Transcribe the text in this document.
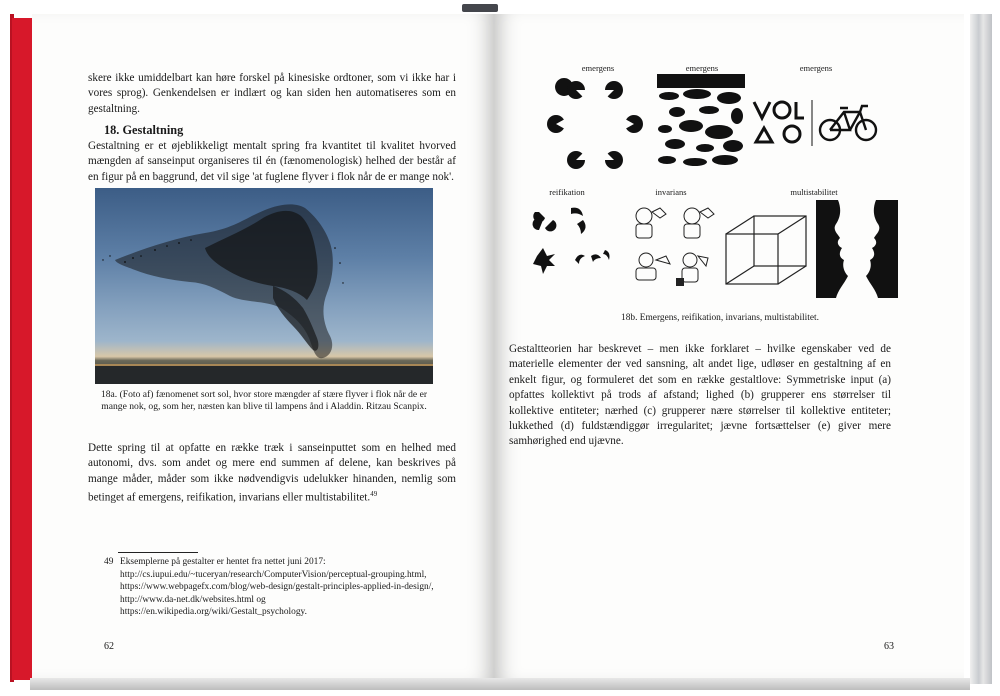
skere ikke umiddelbart kan høre forskel på kinesiske ordtoner, som vi ikke har i vores sprog). Genkendelsen er indlært og kan siden hen automatiseres som en gestaltning.

18. Gestaltning

Gestaltning er et øjeblikkeligt mentalt spring fra kvantitet til kvalitet hvorved mængden af sanseinput organiseres til én (fænomenologisk) helhed der består af en figur på en baggrund, det vil sige 'at fuglene flyver i flok når de er mange nok'.

18a. (Foto af) fænomenet sort sol, hvor store mængder af stære flyver i flok når de er mange nok, og, som her, næsten kan blive til lampens ånd i Aladdin. Ritzau Scanpix.

Dette spring til at opfatte en række træk i sanseinputtet som en helhed med autonomi, dvs. som andet og mere end summen af delene, kan beskrives på mange måder, måder som ikke nødvendigvis udelukker hinanden, nemlig som betinget af emergens, reifikation, invarians eller multistabilitet.$^{49}$

49 Eksemplerne på gestalter er hentet fra nettet juni 2017:
http://cs.iupui.edu/~tuceryan/research/ComputerVision/perceptual-grouping.html,
https://www.webpagefx.com/blog/web-design/gestalt-principles-applied-in-design/,
http://www.da-net.dk/websites.html og
https://en.wikipedia.org/wiki/Gestalt_psychology.
62
emergens	emergens	emergens
reifikation	invarians	multistabilitet
18b. Emergens, reifikation, invarians, multistabilitet.

Gestaltteorien har beskrevet – men ikke forklaret – hvilke egenskaber ved de materielle elementer der ved sansning, alt andet lige, udløser en gestaltning af en enkelt figur, og formuleret det som en række gestaltlove: Symmetriske input (a) opfattes kollektivt på trods af afstand; lighed (b) grupperer ens størrelser til kollektive entiteter; nærhed (c) grupperer nære størrelser til kollektive entiteter; lukkethed (d) fuldstændiggør irregularitet; jævne fortsættelser (e) giver mere samhørighed end ujævne.

63
